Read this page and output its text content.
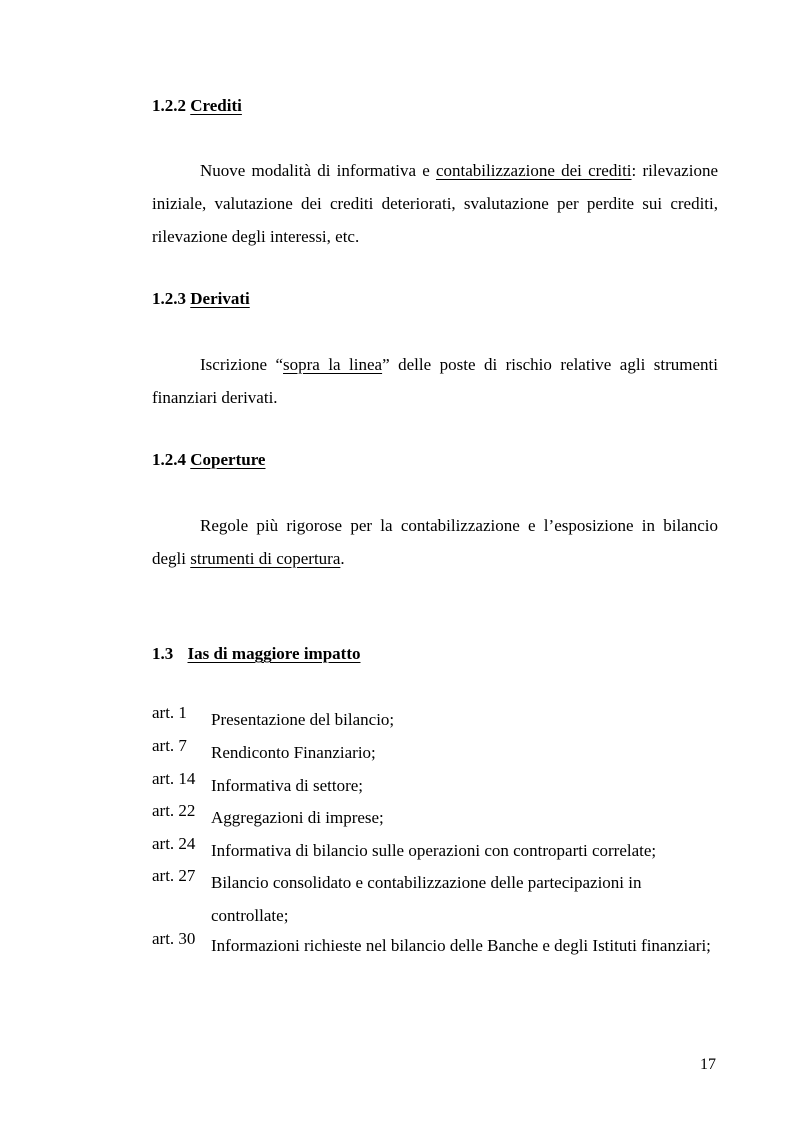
1.2.2 Crediti
Nuove modalità di informativa e contabilizzazione dei crediti: rilevazione iniziale, valutazione dei crediti deteriorati, svalutazione per perdite sui crediti, rilevazione degli interessi, etc.
1.2.3 Derivati
Iscrizione “sopra la linea” delle poste di rischio relative agli strumenti finanziari derivati.
1.2.4 Coperture
Regole più rigorose per la contabilizzazione e l’esposizione in bilancio degli strumenti di copertura.
1.3 Ias di maggiore impatto
art. 1 Presentazione del bilancio;
art. 7 Rendiconto Finanziario;
art. 14 Informativa di settore;
art. 22 Aggregazioni di imprese;
art. 24 Informativa di bilancio sulle operazioni con controparti correlate;
art. 27 Bilancio consolidato e contabilizzazione delle partecipazioni in controllate;
art. 30 Informazioni richieste nel bilancio delle Banche e degli Istituti finanziari;
17
